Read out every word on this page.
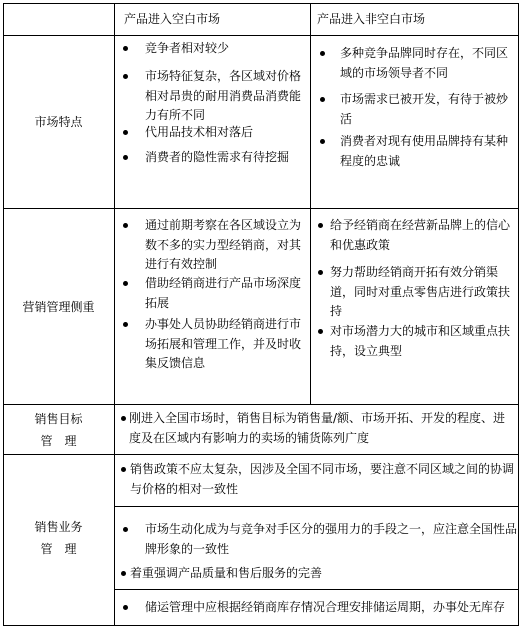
产品进入空白市场	产品进入非空白市场
市场特点
竞争者相对较少
市场特征复杂，各区域对价格相对昂贵的耐用消费品消费能力有所不同
代用品技术相对落后
消费者的隐性需求有待挖掘
多种竞争品牌同时存在，不同区域的市场领导者不同
市场需求已被开发，有待于被炒活
消费者对现有使用品牌持有某种程度的忠诚
营销管理侧重
通过前期考察在各区域设立为数不多的实力型经销商，对其进行有效控制
借助经销商进行产品市场深度拓展
办事处人员协助经销商进行市场拓展和管理工作，并及时收集反馈信息
给予经销商在经营新品牌上的信心和优惠政策
努力帮助经销商开拓有效分销渠道，同时对重点零售店进行政策扶持
对市场潜力大的城市和区域重点扶持，设立典型
销售目标
管　理
刚进入全国市场时，销售目标为销售量/额、市场开拓、开发的程度、进度及在区域内有影响力的卖场的铺货陈列广度
销售业务
管　理
销售政策不应太复杂，因涉及全国不同市场，要注意不同区域之间的协调与价格的相对一致性
市场生动化成为与竞争对手区分的强用力的手段之一，应注意全国性品牌形象的一致性
着重强调产品质量和售后服务的完善
储运管理中应根据经销商库存情况合理安排储运周期，办事处无库存
